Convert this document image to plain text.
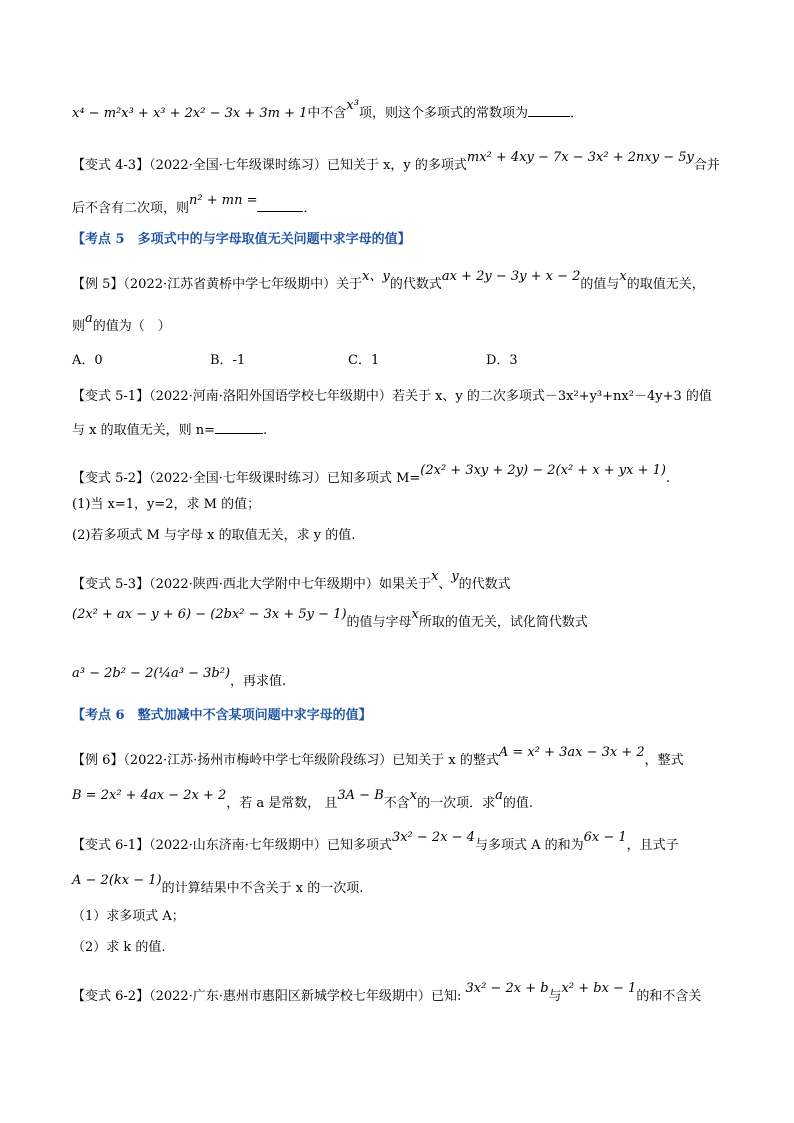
x⁴ − m²x³ + x³ + 2x² − 3x + 3m + 1中不含x³项，则这个多项式的常数项为	．
【变式 4-3】（2022·全国·七年级课时练习）已知关于 x，y 的多项式mx² + 4xy − 7x − 3x² + 2nxy − 5y合并
后不含有二次项，则n² + mn =．
【考点 5　多项式中的与字母取值无关问题中求字母的值】
【例 5】（2022·江苏省黄桥中学七年级期中）关于x、y的代数式ax + 2y − 3y + x − 2的值与x的取值无关，
则a的值为（　）
A．0	B．-1	C．1	D．3
【变式 5-1】（2022·河南·洛阳外国语学校七年级期中）若关于 x、y 的二次多项式－3x²+y³+nx²－4y+3 的值
与 x 的取值无关，则 n=	.
【变式 5-2】（2022·全国·七年级课时练习）已知多项式 M=(2x² + 3xy + 2y) − 2(x² + x + yx + 1).
(1)当 x=1，y=2，求 M 的值；
(2)若多项式 M 与字母 x 的取值无关，求 y 的值.
【变式 5-3】（2022·陕西·西北大学附中七年级期中）如果关于x、y的代数式
(2x² + ax − y + 6) − (2bx² − 3x + 5y − 1)的值与字母x所取的值无关，试化简代数式
a³ − 2b² − 2(¼a³ − 3b²)，再求值.
【考点 6　整式加减中不含某项问题中求字母的值】
【例 6】（2022·江苏·扬州市梅岭中学七年级阶段练习）已知关于 x 的整式A = x² + 3ax − 3x + 2，整式
B = 2x² + 4ax − 2x + 2，若 a 是常数， 且3A − B不含x的一次项．求a的值.
【变式 6-1】（2022·山东济南·七年级期中）已知多项式3x² − 2x − 4与多项式 A 的和为6x − 1，且式子
A − 2(kx − 1)的计算结果中不含关于 x 的一次项.
（1）求多项式 A；
（2）求 k 的值.
【变式 6-2】（2022·广东·惠州市惠阳区新城学校七年级期中）已知: 3x² − 2x + b与x² + bx − 1的和不含关
